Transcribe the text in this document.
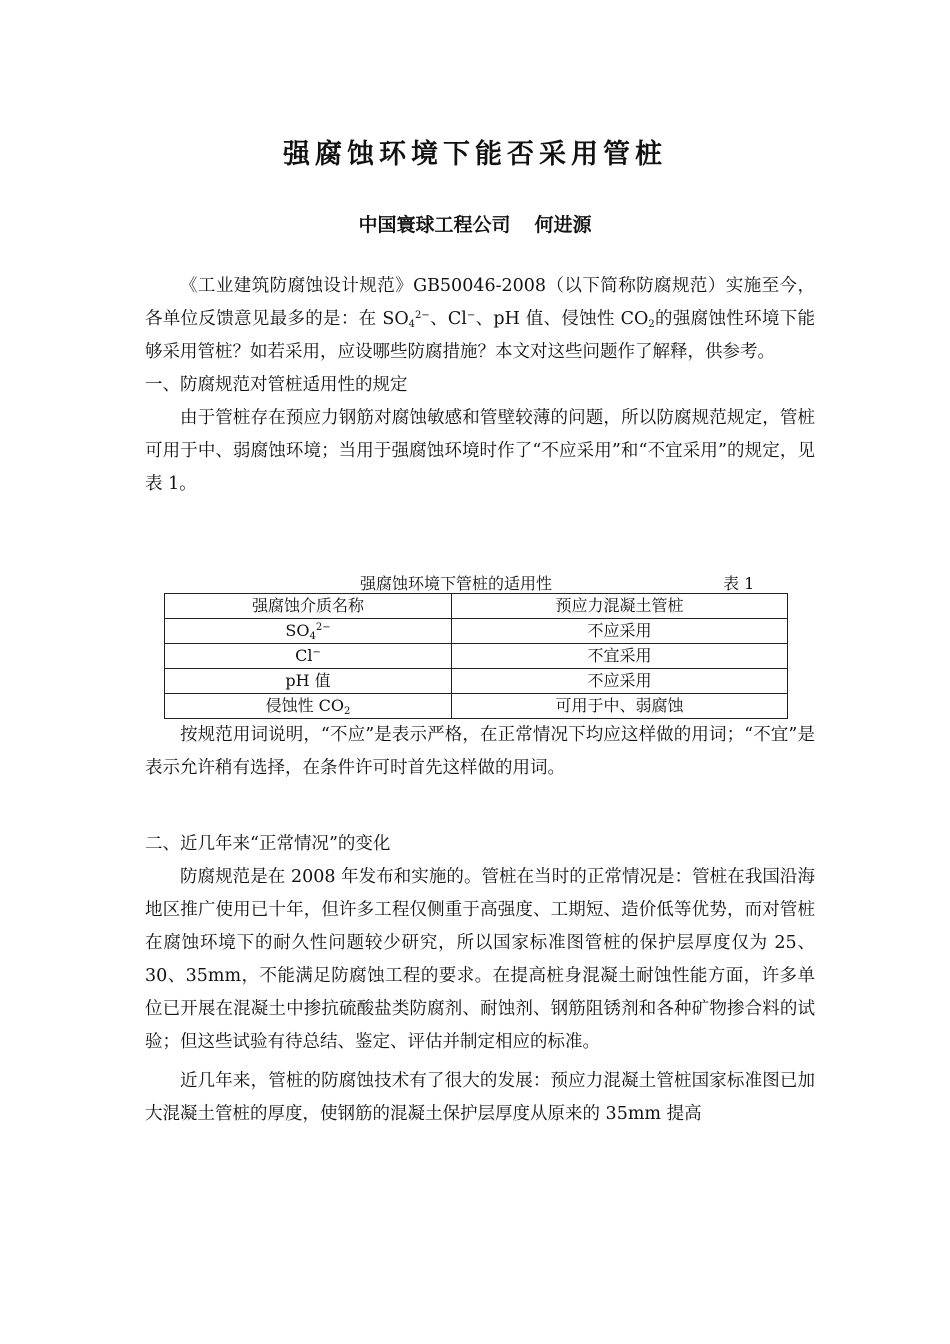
强腐蚀环境下能否采用管桩
中国寰球工程公司 何进源

《工业建筑防腐蚀设计规范》GB50046-2008（以下简称防腐规范）实施至今，各单位反馈意见最多的是：在 $SO_4^{2-}$、Cl−、pH 值、侵蚀性 $CO_2$的强腐蚀性环境下能够采用管桩？如若采用，应设哪些防腐措施？本文对这些问题作了解释，供参考。

一、防腐规范对管桩适用性的规定

由于管桩存在预应力钢筋对腐蚀敏感和管壁较薄的问题，所以防腐规范规定，管桩可用于中、弱腐蚀环境；当用于强腐蚀环境时作了“不应采用”和“不宜采用”的规定，见表 1。

强腐蚀环境下管桩的适用性	表 1
强腐蚀介质名称	预应力混凝土管桩
$SO_4^{2-}$	不应采用
Cl−	不宜采用
pH 值	不应采用
侵蚀性 $CO_2$	可用于中、弱腐蚀

按规范用词说明，“不应”是表示严格，在正常情况下均应这样做的用词；“不宜”是表示允许稍有选择，在条件许可时首先这样做的用词。

二、近几年来“正常情况”的变化

防腐规范是在 2008 年发布和实施的。管桩在当时的正常情况是：管桩在我国沿海地区推广使用已十年，但许多工程仅侧重于高强度、工期短、造价低等优势，而对管桩在腐蚀环境下的耐久性问题较少研究，所以国家标准图管桩的保护层厚度仅为 25、30、35mm，不能满足防腐蚀工程的要求。在提高桩身混凝土耐蚀性能方面，许多单位已开展在混凝土中掺抗硫酸盐类防腐剂、耐蚀剂、钢筋阻锈剂和各种矿物掺合料的试验；但这些试验有待总结、鉴定、评估并制定相应的标准。

近几年来，管桩的防腐蚀技术有了很大的发展：预应力混凝土管桩国家标准图已加大混凝土管桩的厚度，使钢筋的混凝土保护层厚度从原来的 35mm 提高
